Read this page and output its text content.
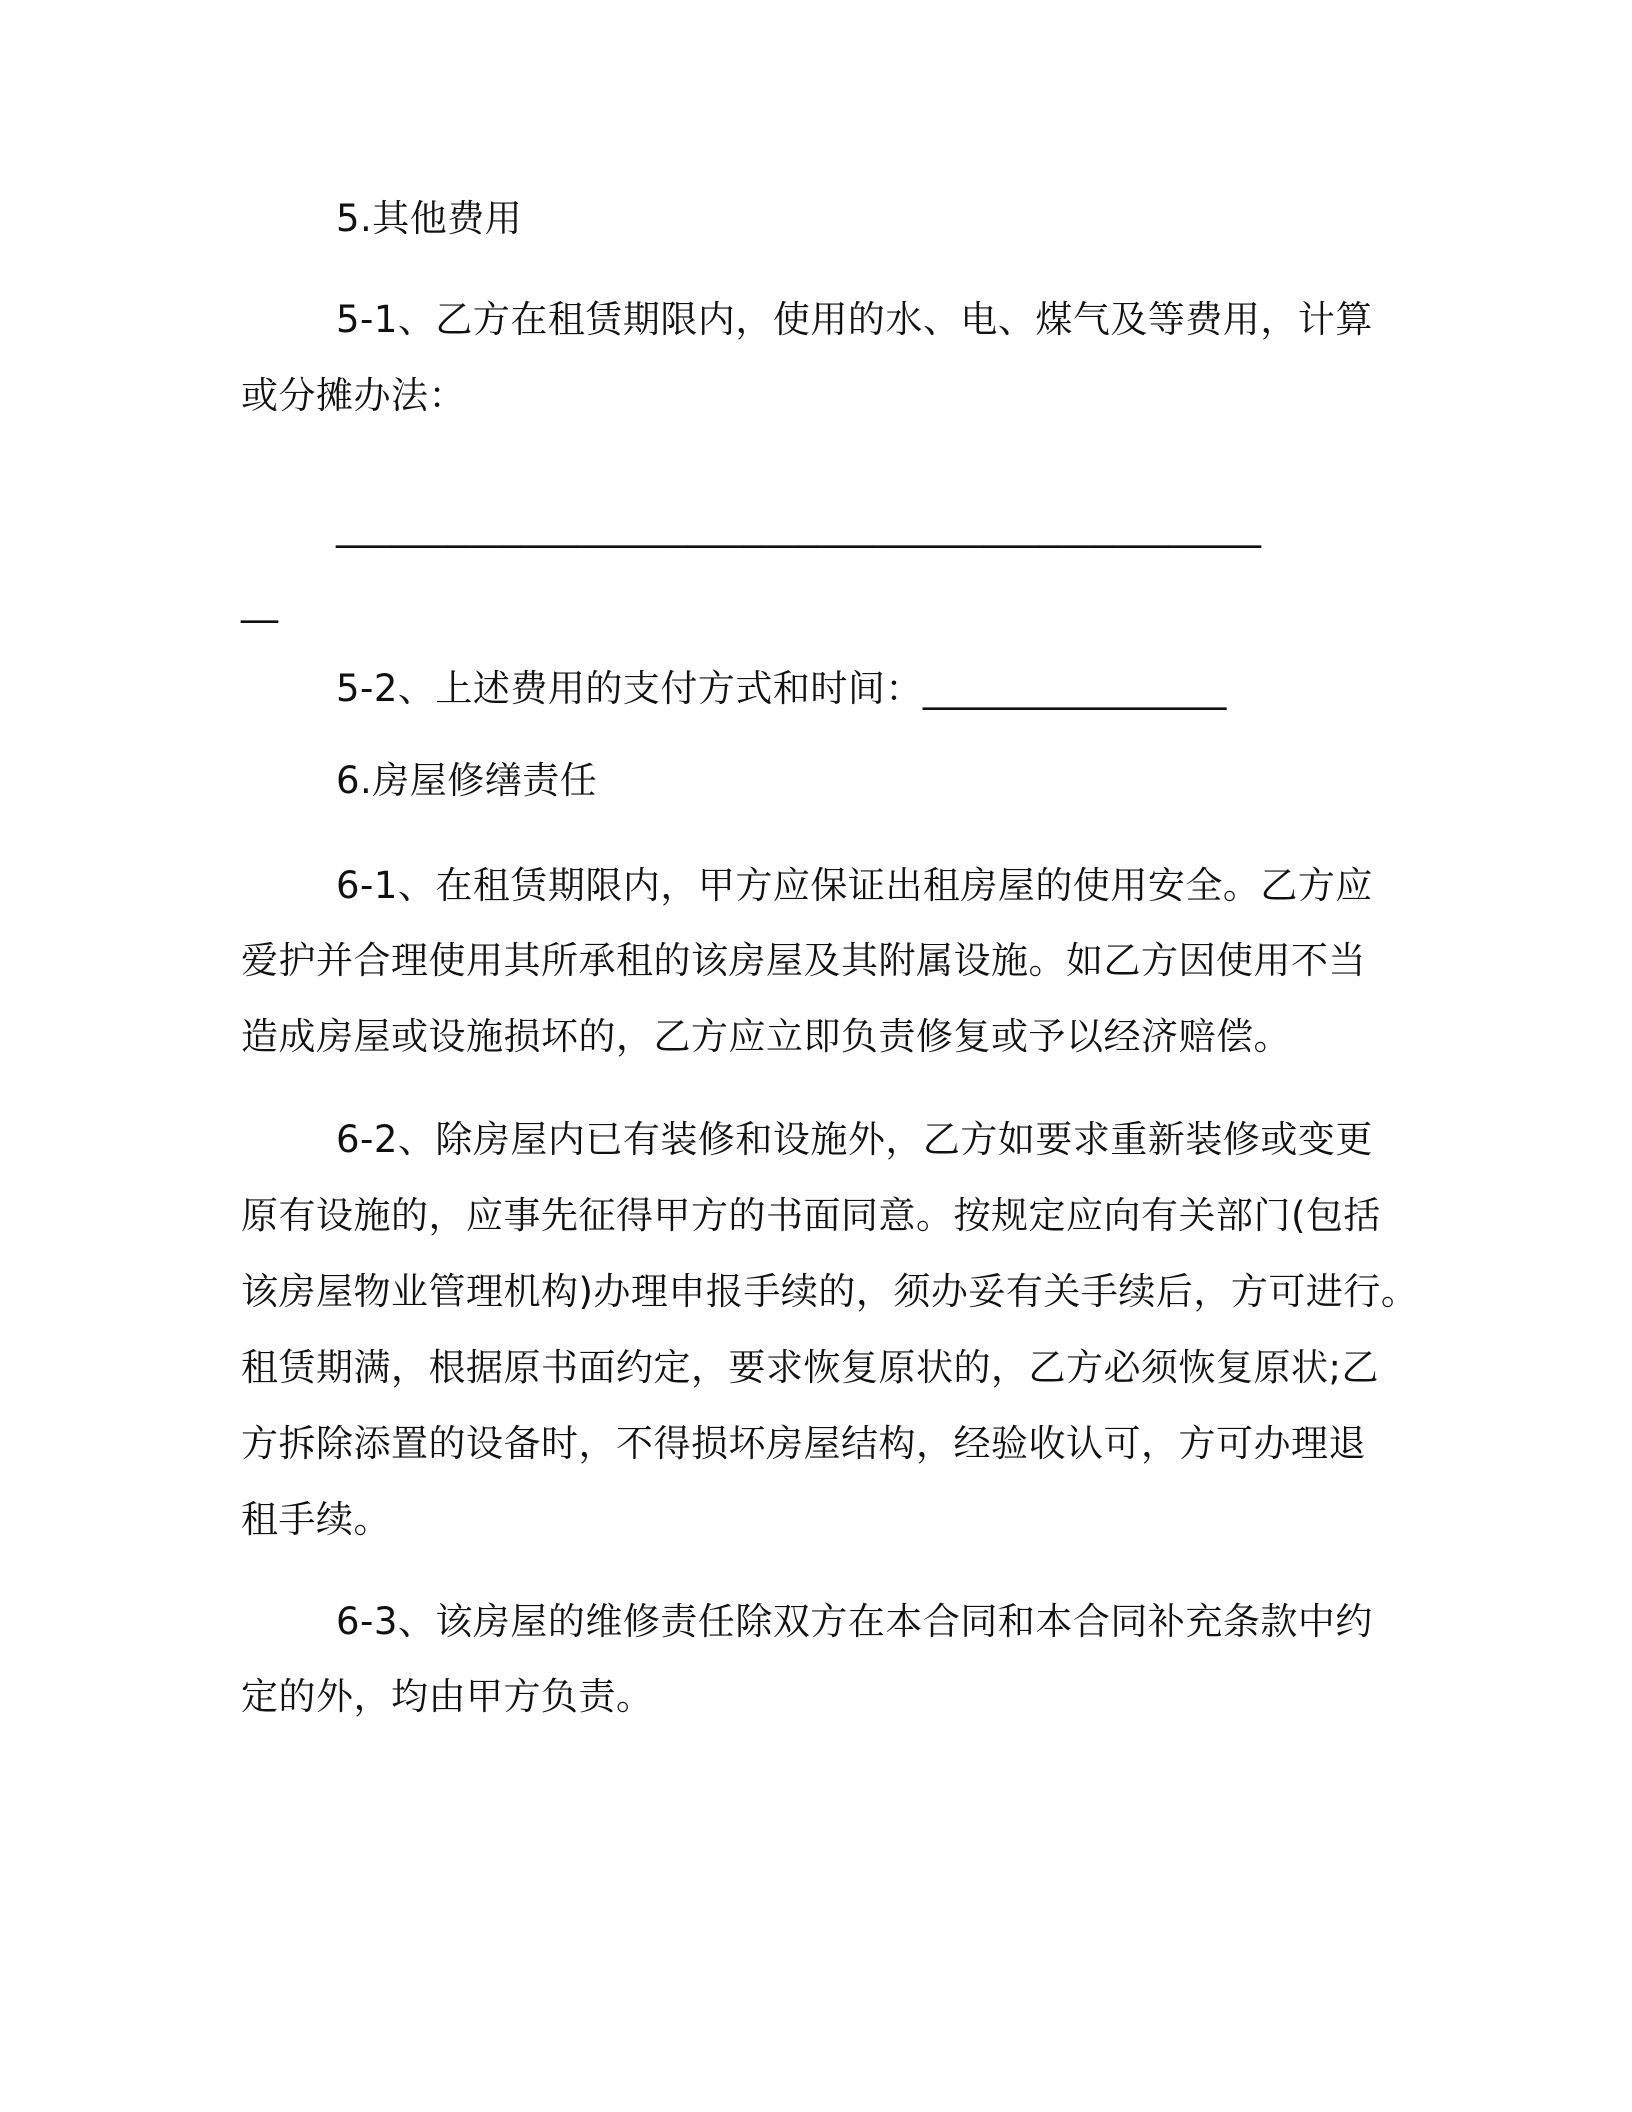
5.其他费用

5-1、乙方在租赁期限内，使用的水、电、煤气及等费用，计算

或分摊办法：

__________________________________________________

__

5-2、上述费用的支付方式和时间：________________

6.房屋修缮责任

6-1、在租赁期限内，甲方应保证出租房屋的使用安全。乙方应

爱护并合理使用其所承租的该房屋及其附属设施。如乙方因使用不当

造成房屋或设施损坏的，乙方应立即负责修复或予以经济赔偿。

6-2、除房屋内已有装修和设施外，乙方如要求重新装修或变更

原有设施的，应事先征得甲方的书面同意。按规定应向有关部门(包括

该房屋物业管理机构)办理申报手续的，须办妥有关手续后，方可进行。

租赁期满，根据原书面约定，要求恢复原状的，乙方必须恢复原状;乙

方拆除添置的设备时，不得损坏房屋结构，经验收认可，方可办理退

租手续。

6-3、该房屋的维修责任除双方在本合同和本合同补充条款中约

定的外，均由甲方负责。
